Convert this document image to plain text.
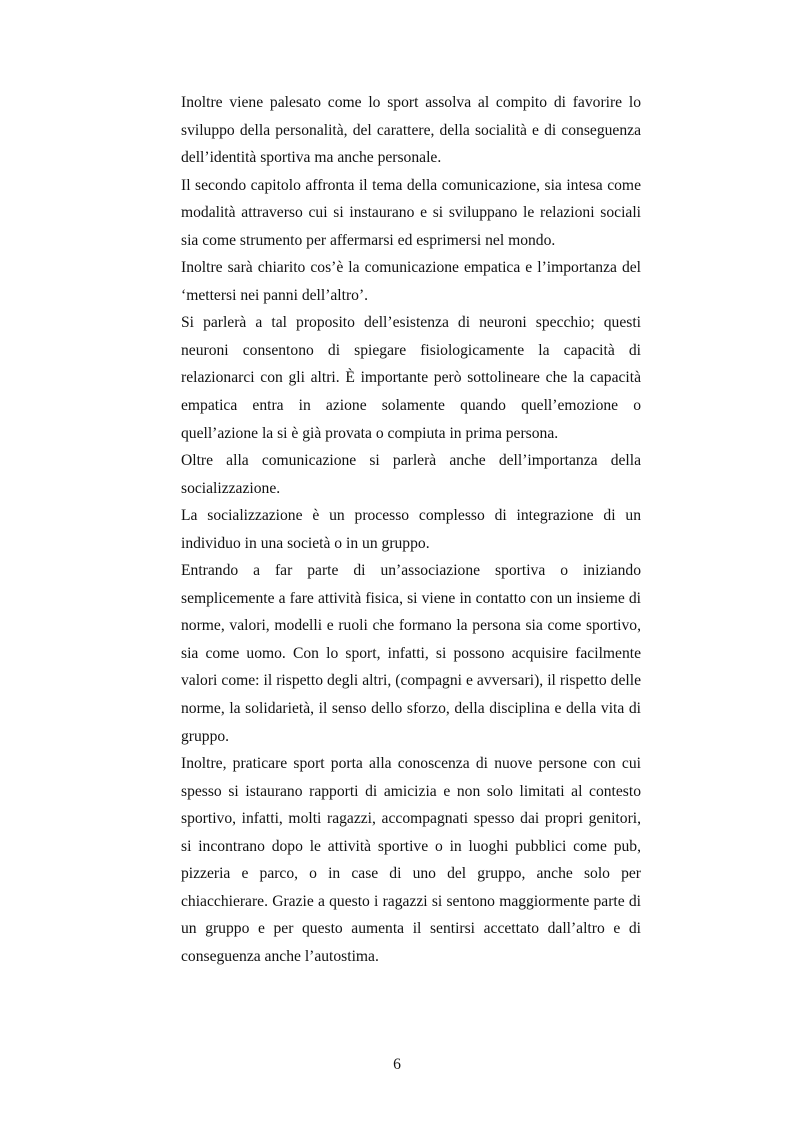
Inoltre viene palesato come lo sport assolva al compito di favorire lo sviluppo della personalità, del carattere, della socialità e di conseguenza dell’identità sportiva ma anche personale.

Il secondo capitolo affronta il tema della comunicazione, sia intesa come modalità attraverso cui si instaurano e si sviluppano le relazioni sociali sia come strumento per affermarsi ed esprimersi nel mondo.

Inoltre sarà chiarito cos’è la comunicazione empatica e l’importanza del ‘mettersi nei panni dell’altro’.

Si parlerà a tal proposito dell’esistenza di neuroni specchio; questi neuroni consentono di spiegare fisiologicamente la capacità di relazionarci con gli altri. È importante però sottolineare che la capacità empatica entra in azione solamente quando quell’emozione o quell’azione la si è già provata o compiuta in prima persona.

Oltre alla comunicazione si parlerà anche dell’importanza della socializzazione.

La socializzazione è un processo complesso di integrazione di un individuo in una società o in un gruppo.

Entrando a far parte di un’associazione sportiva o iniziando semplicemente a fare attività fisica, si viene in contatto con un insieme di norme, valori, modelli e ruoli che formano la persona sia come sportivo, sia come uomo. Con lo sport, infatti, si possono acquisire facilmente valori come: il rispetto degli altri, (compagni e avversari), il rispetto delle norme, la solidarietà, il senso dello sforzo, della disciplina e della vita di gruppo.

Inoltre, praticare sport porta alla conoscenza di nuove persone con cui spesso si istaurano rapporti di amicizia e non solo limitati al contesto sportivo, infatti, molti ragazzi, accompagnati spesso dai propri genitori, si incontrano dopo le attività sportive o in luoghi pubblici come pub, pizzeria e parco, o in case di uno del gruppo, anche solo per chiacchierare. Grazie a questo i ragazzi si sentono maggiormente parte di un gruppo e per questo aumenta il sentirsi accettato dall’altro e di conseguenza anche l’autostima.

6
